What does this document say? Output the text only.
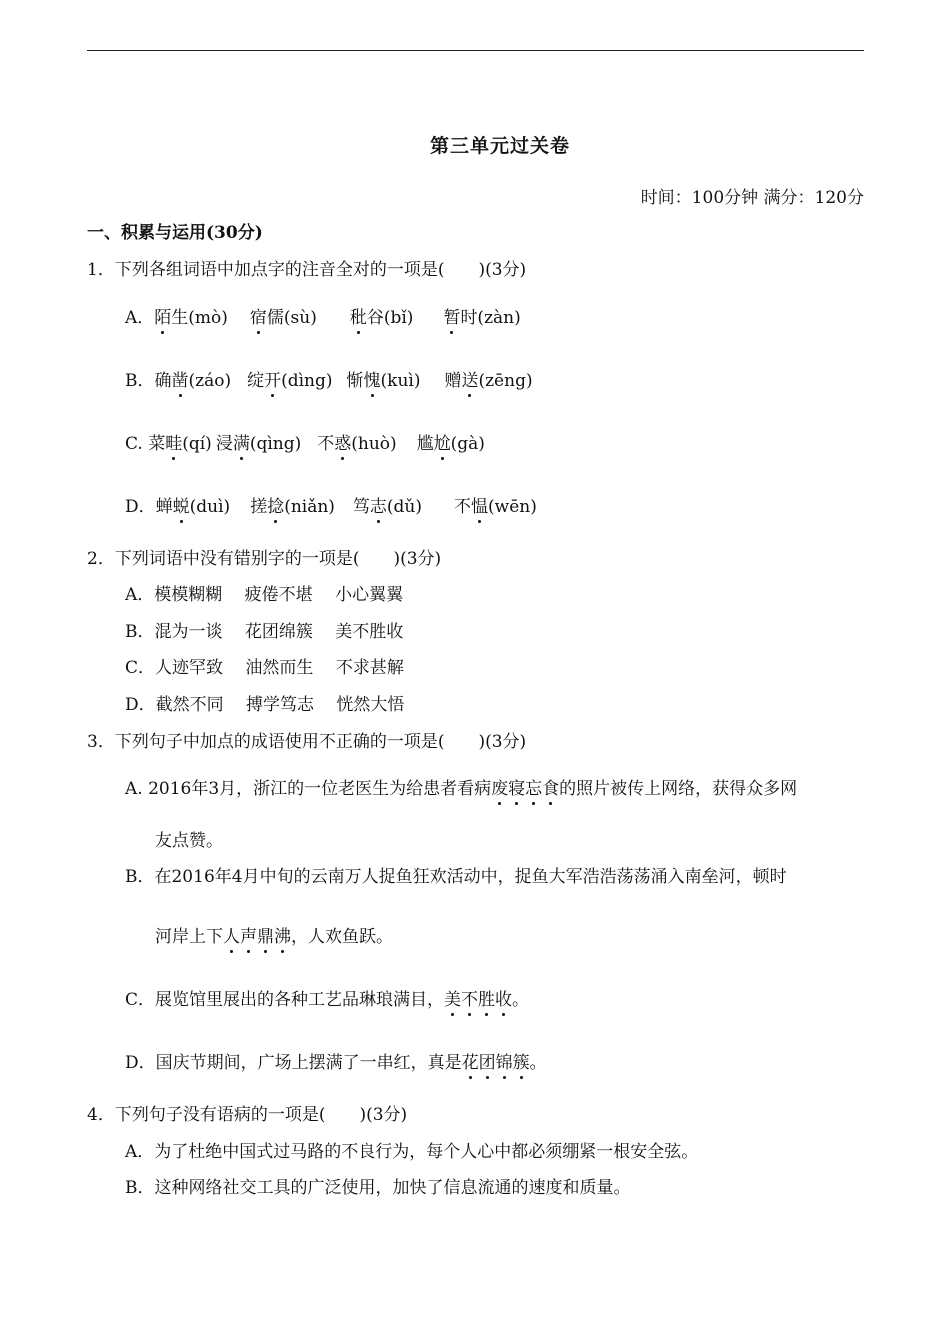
第三单元过关卷
时间：100分钟 满分：120分
一、积累与运用(30分)
1．下列各组词语中加点字的注音全对的一项是(　　)(3分)
A．陌生(mò) 宿儒(sù) 秕谷(bǐ) 暂时(zàn)
B．确凿(záo) 绽开(dìng) 惭愧(kuì) 赠送(zēng)
C. 菜畦(qí) 浸满(qìng) 不惑(huò) 尴尬(gà)
D．蝉蜕(duì) 搓捻(niǎn) 笃志(dǔ) 不愠(wēn)
2．下列词语中没有错别字的一项是(　　)(3分)
A．模模糊糊　 疲倦不堪　 小心翼翼
B．混为一谈　 花团绵簇　 美不胜收
C．人迹罕致　 油然而生　 不求甚解
D．截然不同　 搏学笃志　 恍然大悟
3．下列句子中加点的成语使用不正确的一项是(　　)(3分)
A. 2016年3月，浙江的一位老医生为给患者看病废寝忘食的照片被传上网络，获得众多网
友点赞。
B．在2016年4月中旬的云南万人捉鱼狂欢活动中，捉鱼大军浩浩荡荡涌入南垒河，顿时
河岸上下人声鼎沸，人欢鱼跃。
C．展览馆里展出的各种工艺品琳琅满目，美不胜收。
D．国庆节期间，广场上摆满了一串红，真是花团锦簇。
4．下列句子没有语病的一项是(　　)(3分)
A．为了杜绝中国式过马路的不良行为，每个人心中都必须绷紧一根安全弦。
B．这种网络社交工具的广泛使用，加快了信息流通的速度和质量。
